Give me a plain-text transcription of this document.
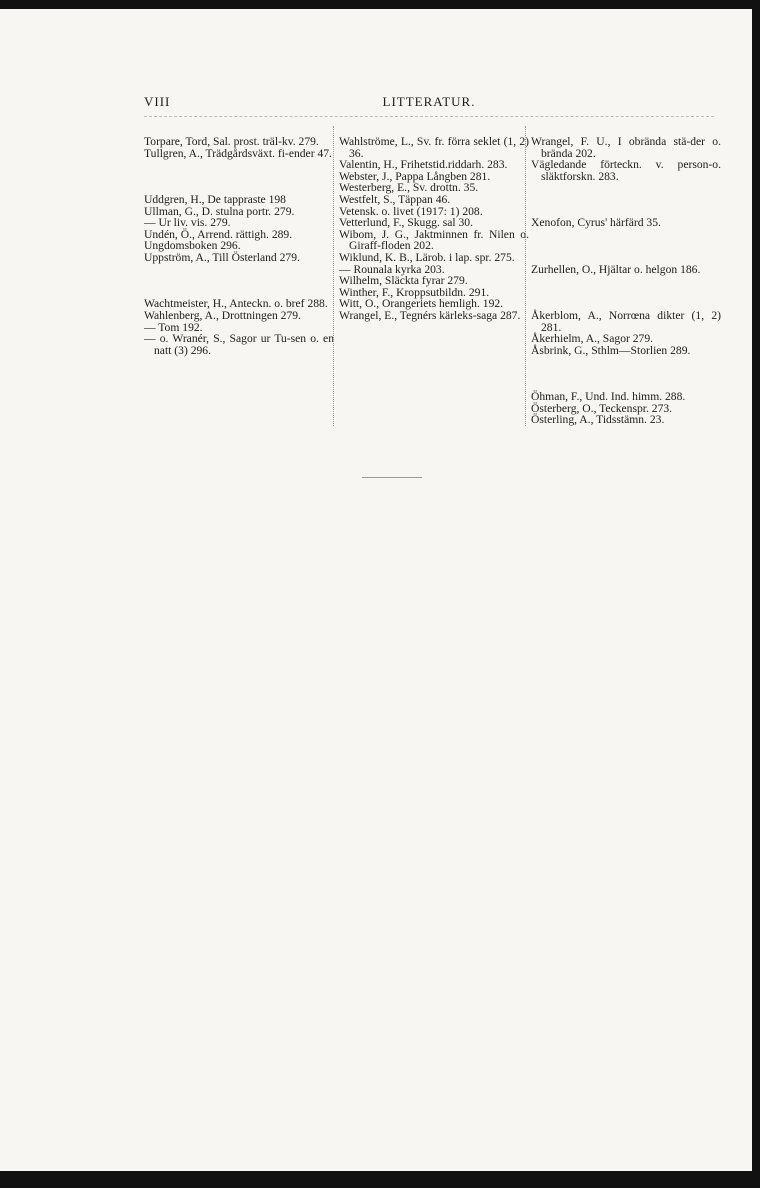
VIII	LITTERATUR.

Torpare, Tord, Sal. prost. träl-kv. 279.

Tullgren, A., Trädgårdsväxt. fi-ender 47.

Uddgren, H., De tappraste 198

Ullman, G., D. stulna portr. 279.

— Ur liv. vis. 279.

Undén, Ö., Arrend. rättigh. 289.

Ungdomsboken 296.

Uppström, A., Till Österland 279.

Wachtmeister, H., Anteckn. o. bref 288.

Wahlenberg, A., Drottningen 279.

— Tom 192.

— o. Wranér, S., Sagor ur Tu-sen o. en natt (3) 296.

Wahlströme, L., Sv. fr. förra seklet (1, 2) 36.

Valentin, H., Frihetstid.riddarh. 283.

Webster, J., Pappa Långben 281.

Westerberg, E., Sv. drottn. 35.

Westfelt, S., Täppan 46.

Vetensk. o. livet (1917: 1) 208.

Vetterlund, F., Skugg. sal 30.

Wibom, J. G., Jaktminnen fr. Nilen o. Giraff-floden 202.

Wiklund, K. B., Lärob. i lap. spr. 275.

— Rounala kyrka 203.

Wilhelm, Släckta fyrar 279.

Winther, F., Kroppsutbildn. 291.

Witt, O., Orangeriets hemligh. 192.

Wrangel, E., Tegnérs kärleks-saga 287.

Wrangel, F. U., I obrända stä-der o. brända 202.

Vägledande förteckn. v. person-o. släktforskn. 283.

Xenofon, Cyrus' härfärd 35.

Zurhellen, O., Hjältar o. helgon 186.

Åkerblom, A., Norrœna dikter (1, 2) 281.

Åkerhielm, A., Sagor 279.

Åsbrink, G., Sthlm—Storlien 289.

Öhman, F., Und. Ind. himm. 288.

Österberg, O., Teckenspr. 273.

Österling, A., Tidsstämn. 23.
